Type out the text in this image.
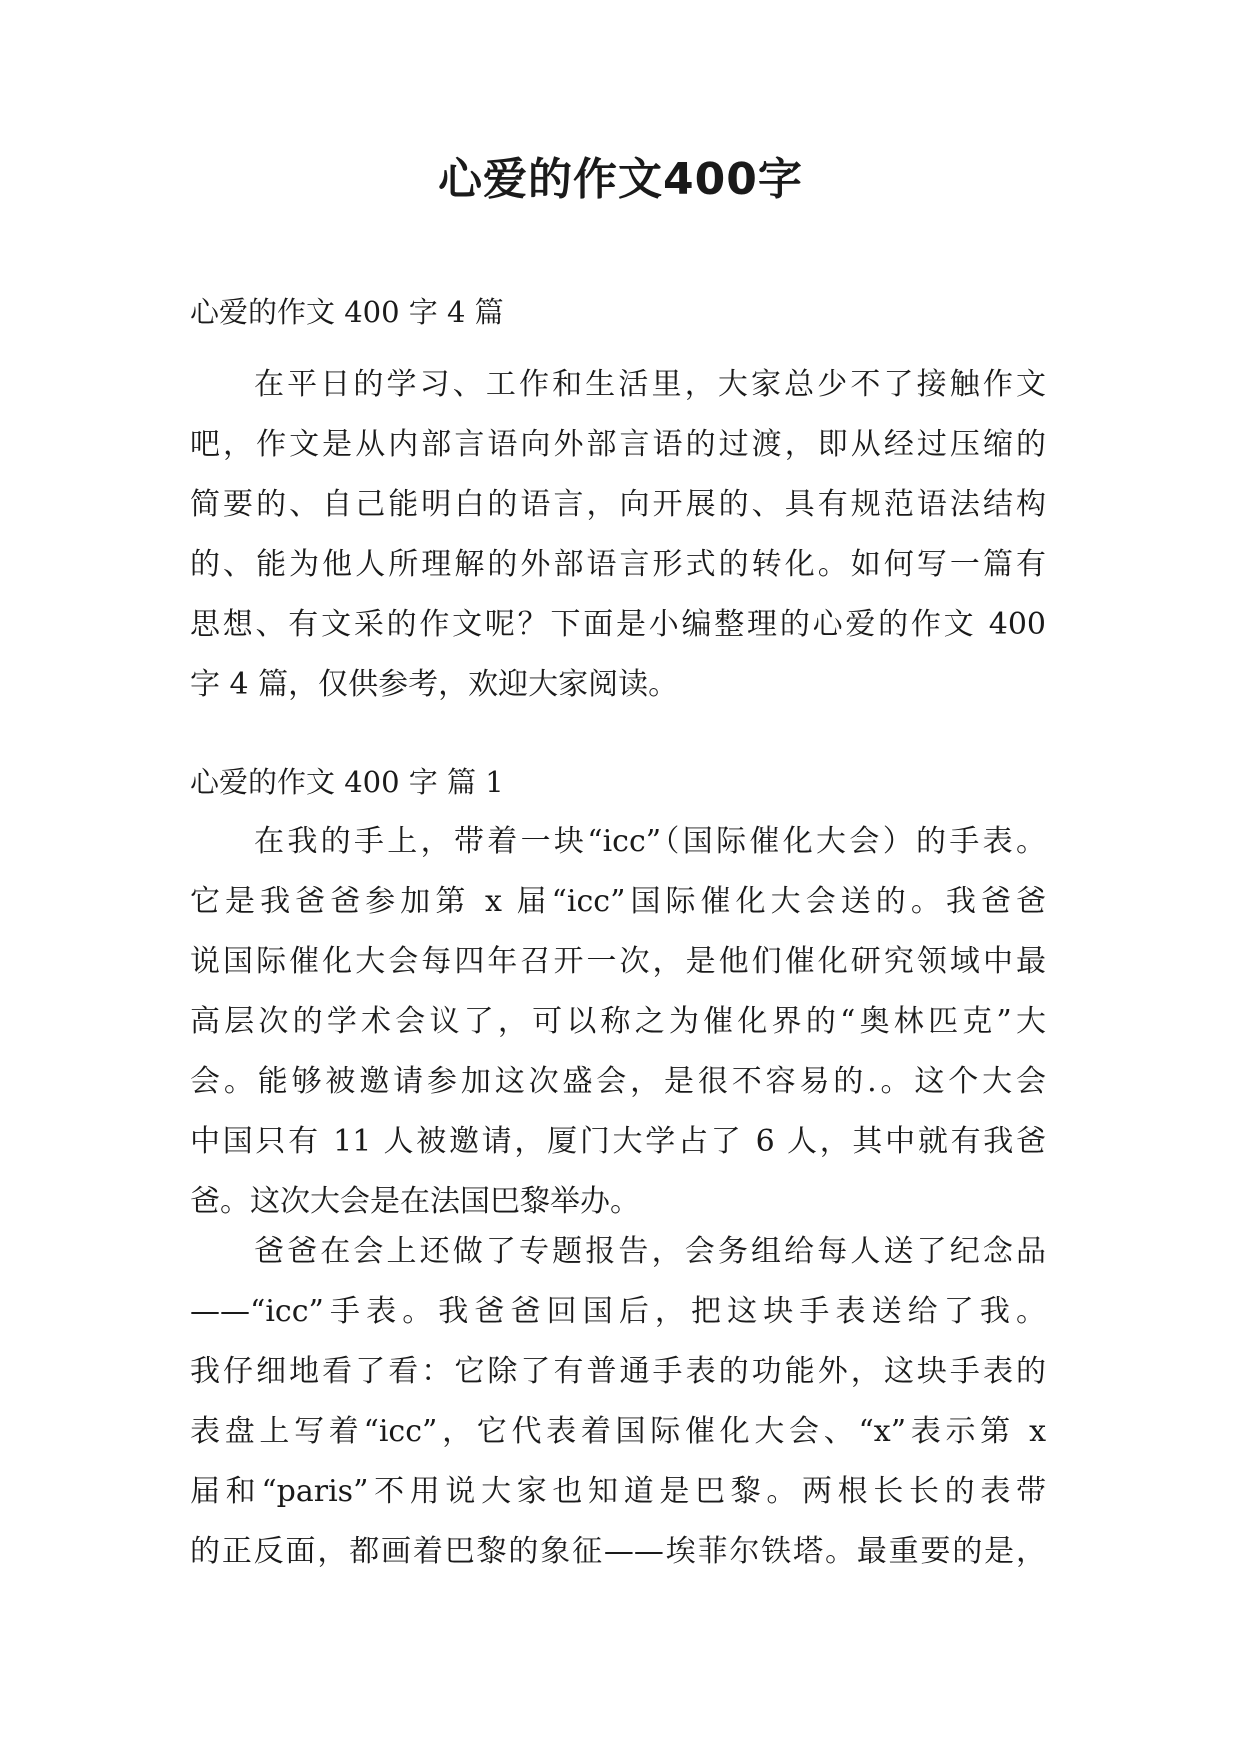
心爱的作文400字
心爱的作文 400 字 4 篇
在平日的学习、工作和生活里，大家总少不了接触作文
吧，作文是从内部言语向外部言语的过渡，即从经过压缩的
简要的、自己能明白的语言，向开展的、具有规范语法结构
的、能为他人所理解的外部语言形式的转化。如何写一篇有
思想、有文采的作文呢？下面是小编整理的心爱的作文 400
字 4 篇，仅供参考，欢迎大家阅读。
心爱的作文 400 字 篇 1
在我的手上，带着一块“icc”（国际催化大会）的手表。
它是我爸爸参加第 x 届“icc”国际催化大会送的。我爸爸
说国际催化大会每四年召开一次，是他们催化研究领域中最
高层次的学术会议了，可以称之为催化界的“奥林匹克”大
会。能够被邀请参加这次盛会，是很不容易的.。这个大会
中国只有 11 人被邀请，厦门大学占了 6 人，其中就有我爸
爸。这次大会是在法国巴黎举办。
爸爸在会上还做了专题报告，会务组给每人送了纪念品
——“icc”手表。我爸爸回国后，把这块手表送给了我。
我仔细地看了看：它除了有普通手表的功能外，这块手表的
表盘上写着“icc”，它代表着国际催化大会、“x”表示第 x
届和“paris”不用说大家也知道是巴黎。两根长长的表带
的正反面，都画着巴黎的象征——埃菲尔铁塔。最重要的是，
